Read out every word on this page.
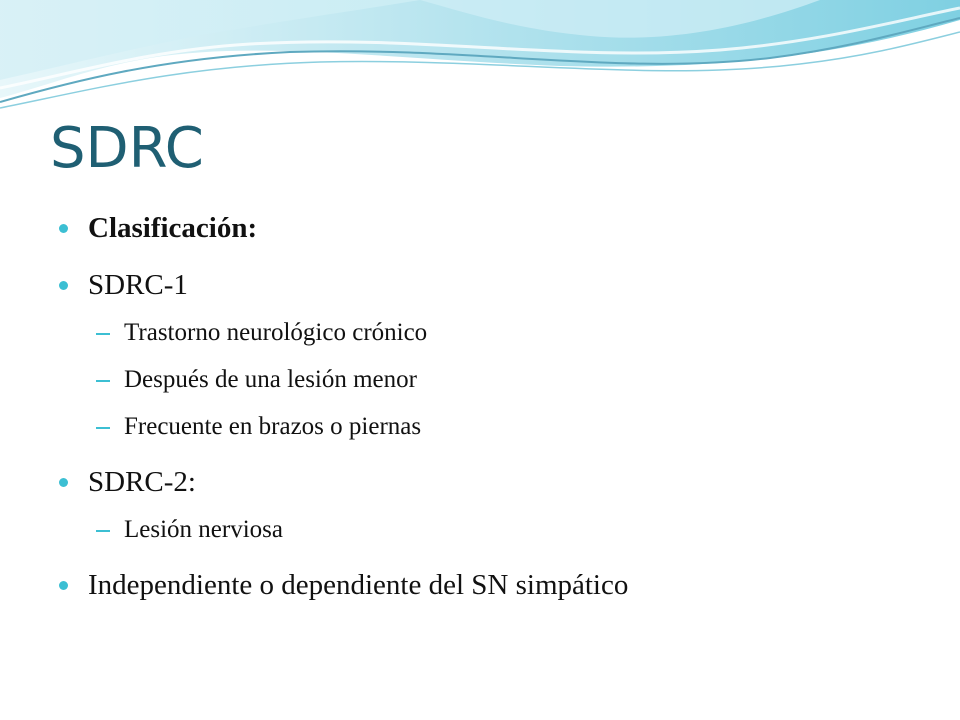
SDRC
Clasificación:
SDRC-1
Trastorno neurológico crónico
Después de una lesión menor
Frecuente en brazos o piernas
SDRC-2:
Lesión nerviosa
Independiente o dependiente del SN simpático
